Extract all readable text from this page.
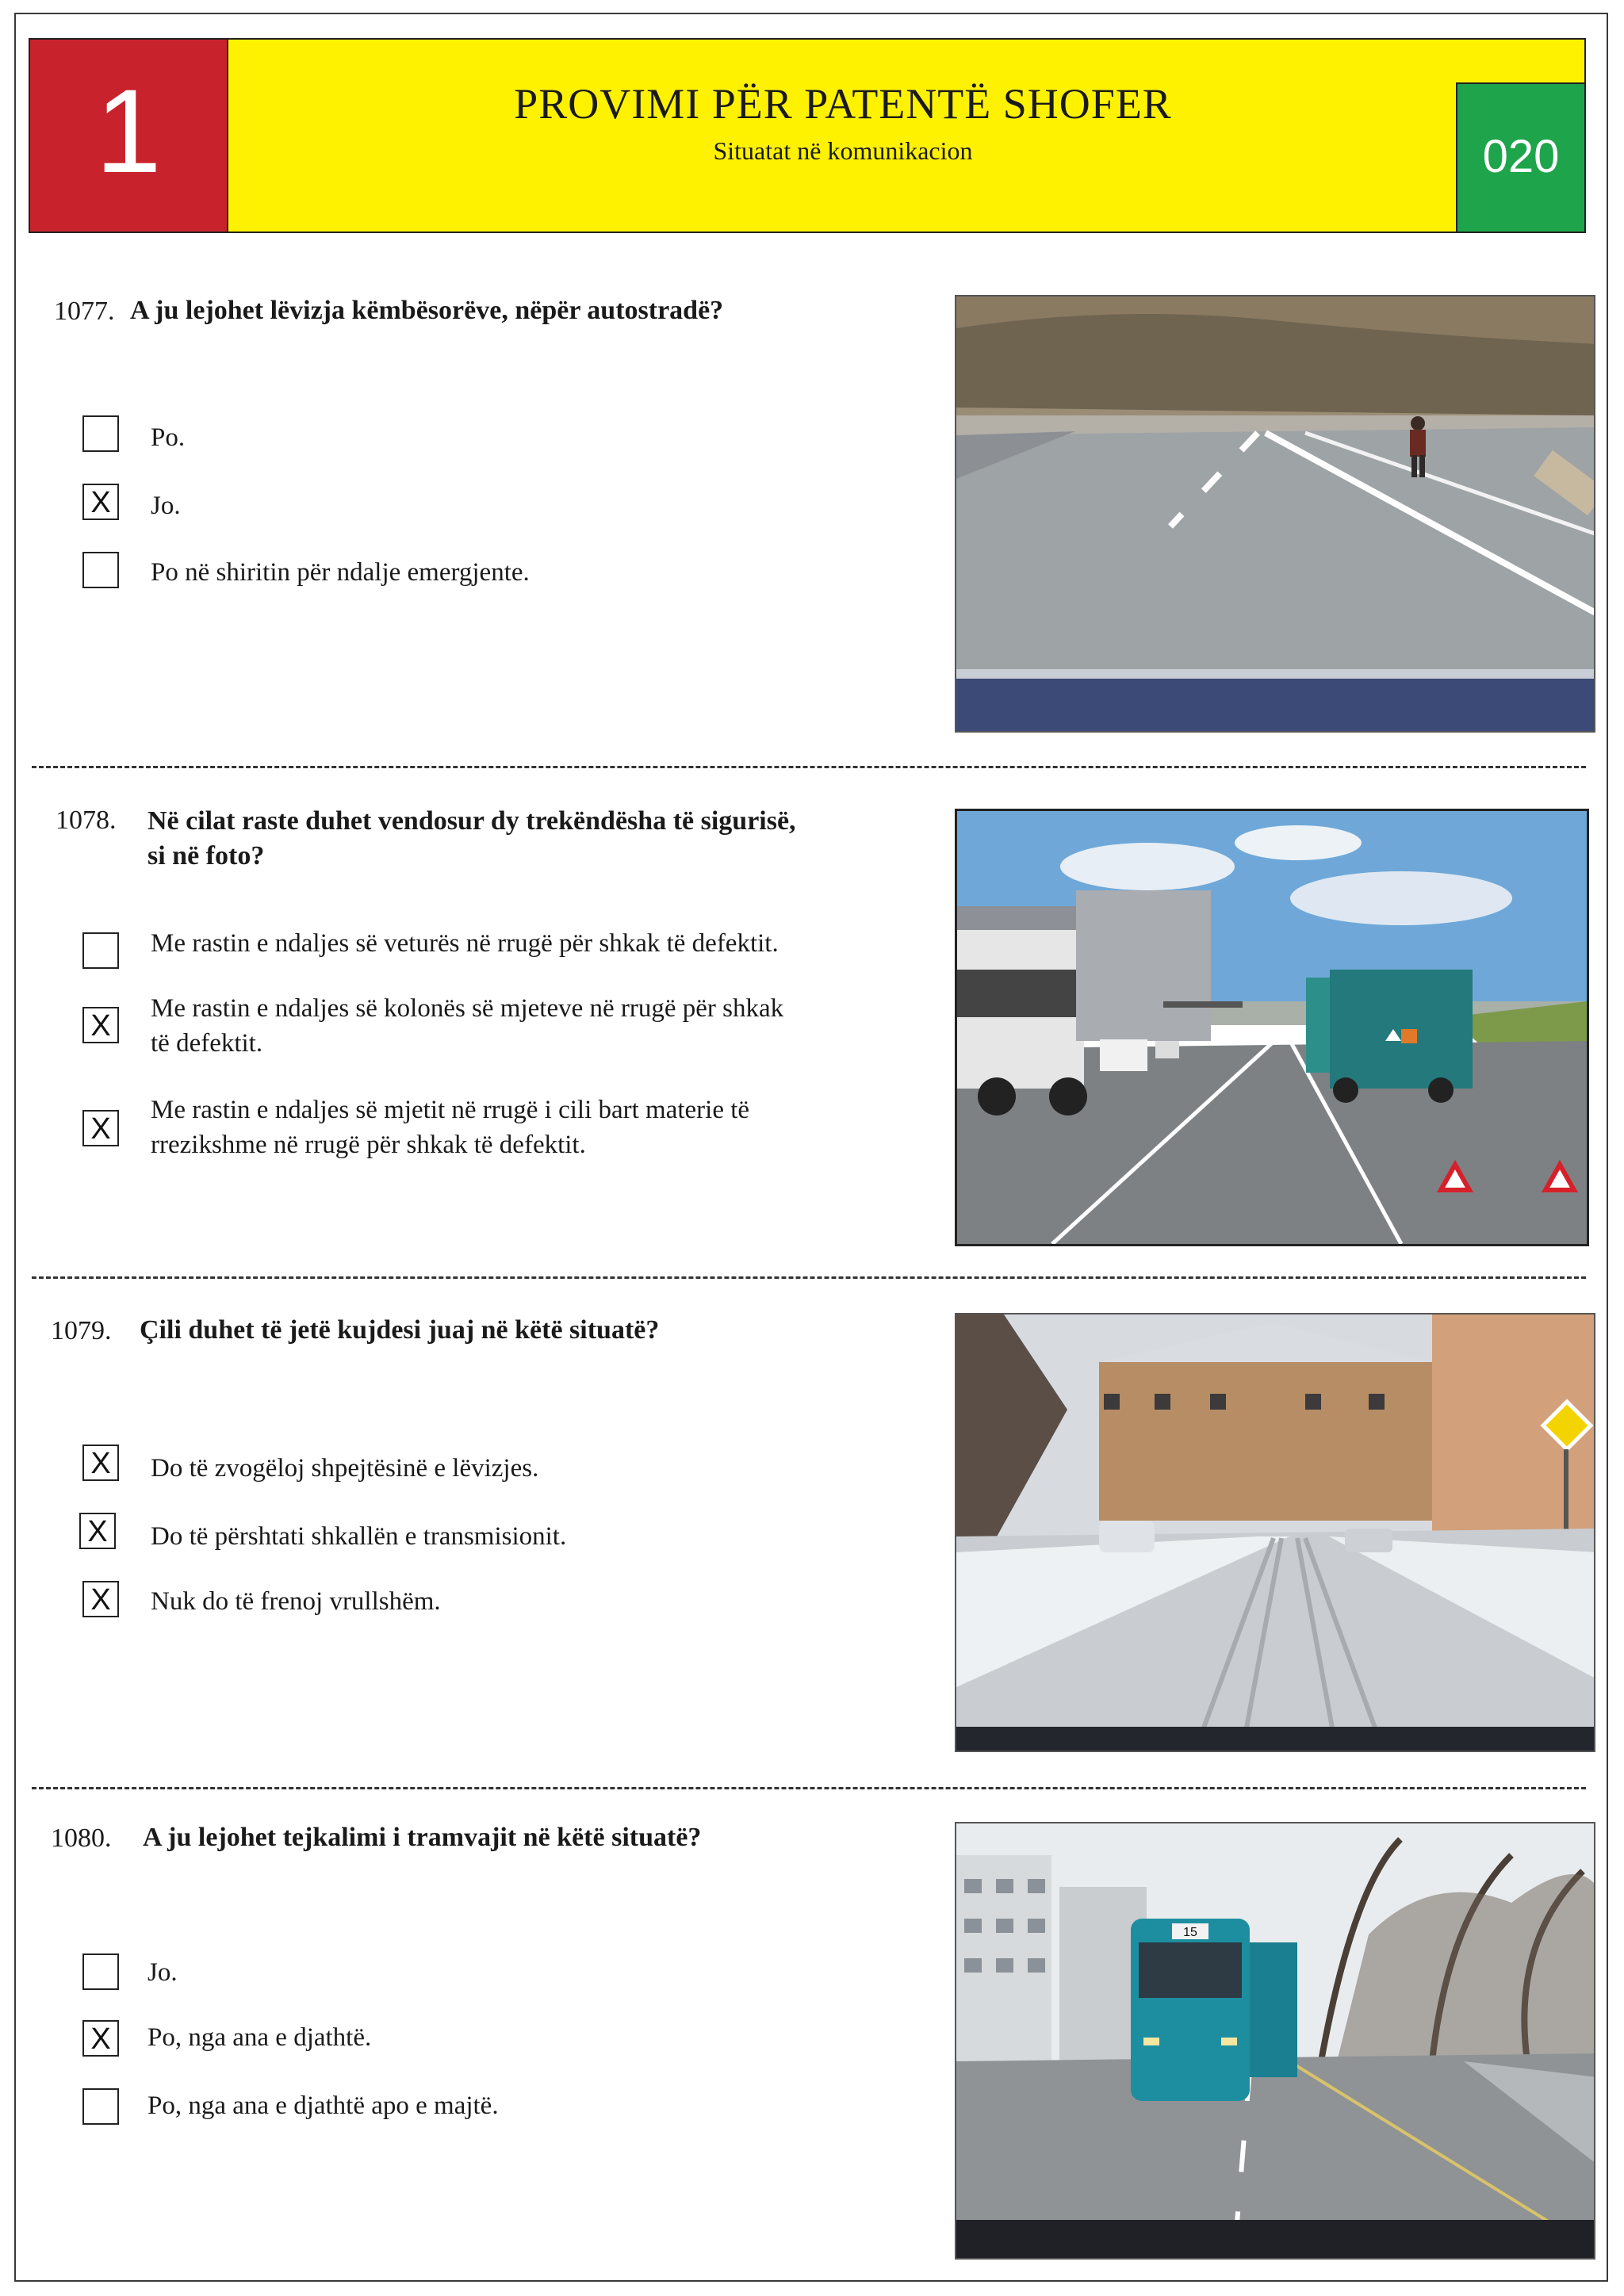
PROVIMI PËR PATENTË SHOFER
Situatat në komunikacion
1	020
1077. A ju lejohet lëvizja këmbësorëve, nëpër autostradë?
Po.
X Jo.
Po në shiritin për ndalje emergjente.
1078. Në cilat raste duhet vendosur dy trekëndësha të sigurisë,
si në foto?
Me rastin e ndaljes së veturës në rrugë për shkak të defektit.
X
Me rastin e ndaljes së kolonës së mjeteve në rrugë për shkak
të defektit.
X
Me rastin e ndaljes së mjetit në rrugë i cili bart materie të
rrezikshme në rrugë për shkak të defektit.
1079. Çili duhet të jetë kujdesi juaj në këtë situatë?
X Do të zvogëloj shpejtësinë e lëvizjes.
X Do të përshtati shkallën e transmisionit.
X Nuk do të frenoj vrullshëm.
1080. A ju lejohet tejkalimi i tramvajit në këtë situatë?
Jo.
X Po, nga ana e djathtë.
Po, nga ana e djathtë apo e majtë.
15
